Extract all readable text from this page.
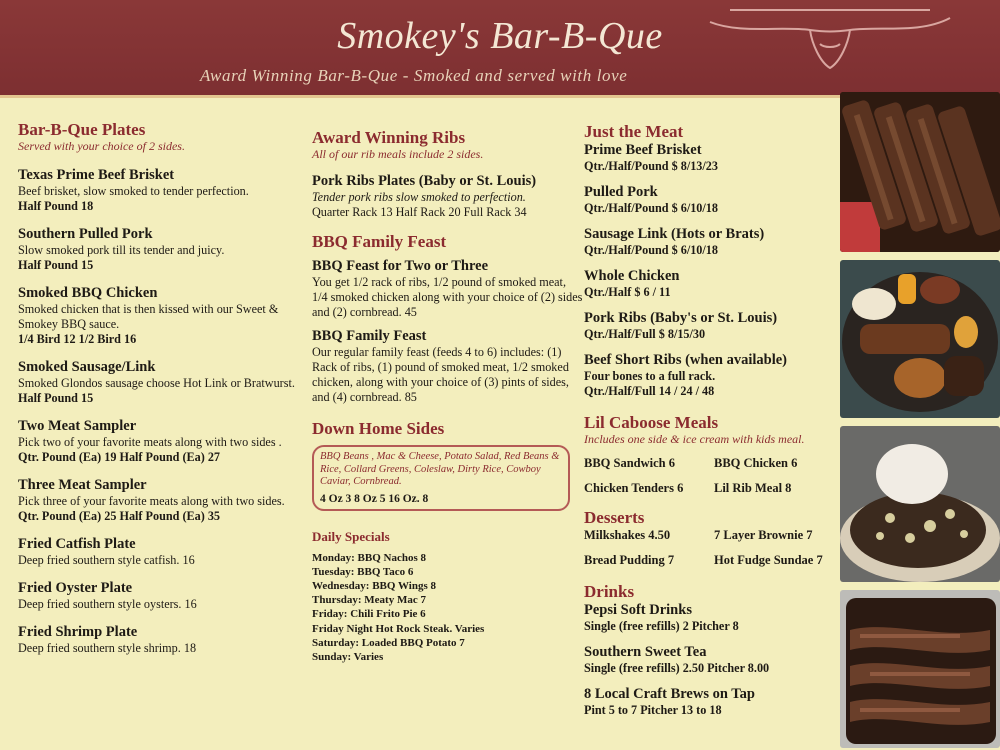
Smokey's Bar-B-Que
Award Winning Bar-B-Que - Smoked and served with love
Bar-B-Que Plates
Served with your choice of 2 sides.
Texas Prime Beef Brisket
Beef brisket, slow smoked to tender perfection.
Half Pound 18
Southern Pulled Pork
Slow smoked pork till its tender and juicy.
Half Pound 15
Smoked BBQ Chicken
Smoked chicken that is then kissed with our Sweet & Smokey BBQ sauce.
1/4 Bird 12 1/2 Bird 16
Smoked Sausage/Link
Smoked Glondos sausage choose Hot Link or Bratwurst.
Half Pound 15
Two Meat Sampler
Pick two of your favorite meats along with two sides .
Qtr. Pound (Ea) 19 Half Pound (Ea) 27
Three Meat Sampler
Pick three of your favorite meats along with two sides.
Qtr. Pound (Ea) 25 Half Pound (Ea) 35
Fried Catfish Plate
Deep fried southern style catfish. 16
Fried Oyster Plate
Deep fried southern style oysters. 16
Fried Shrimp Plate
Deep fried southern style shrimp. 18
Award Winning Ribs
All of our rib meals include 2 sides.
Pork Ribs Plates (Baby or St. Louis)
Tender pork ribs slow smoked to perfection.
Quarter Rack 13 Half Rack 20 Full Rack 34
BBQ Family Feast
BBQ Feast for Two or Three
You get 1/2 rack of ribs, 1/2 pound of smoked meat, 1/4 smoked chicken along with your choice of (2) sides and (2) cornbread. 45
BBQ Family Feast
Our regular family feast (feeds 4 to 6) includes: (1) Rack of ribs, (1) pound of smoked meat, 1/2 smoked chicken, along with your choice of (3) pints of sides, and (4) cornbread. 85
Down Home Sides
BBQ Beans , Mac & Cheese, Potato Salad, Red Beans & Rice, Collard Greens, Coleslaw, Dirty Rice, Cowboy Caviar, Cornbread.
4 Oz 3 8 Oz 5 16 Oz. 8
Daily Specials
Monday: BBQ Nachos 8
Tuesday: BBQ Taco 6
Wednesday: BBQ Wings 8
Thursday: Meaty Mac 7
Friday: Chili Frito Pie 6
Friday Night Hot Rock Steak. Varies
Saturday: Loaded BBQ Potato 7
Sunday: Varies
Just the Meat
Prime Beef Brisket
Qtr./Half/Pound $ 8/13/23
Pulled Pork
Qtr./Half/Pound $ 6/10/18
Sausage Link (Hots or Brats)
Qtr./Half/Pound $ 6/10/18
Whole Chicken
Qtr./Half $ 6 / 11
Pork Ribs (Baby's or St. Louis)
Qtr./Half/Full $ 8/15/30
Beef Short Ribs (when available)
Four bones to a full rack.
Qtr./Half/Full 14 / 24 / 48
Lil Caboose Meals
Includes one side & ice cream with kids meal.
BBQ Sandwich 6	BBQ Chicken 6
Chicken Tenders 6	Lil Rib Meal 8
Desserts
Milkshakes 4.50	7 Layer Brownie 7
Bread Pudding 7	Hot Fudge Sundae 7
Drinks
Pepsi Soft Drinks
Single (free refills) 2 Pitcher 8
Southern Sweet Tea
Single (free refills) 2.50 Pitcher 8.00
8 Local Craft Brews on Tap
Pint 5 to 7 Pitcher 13 to 18
